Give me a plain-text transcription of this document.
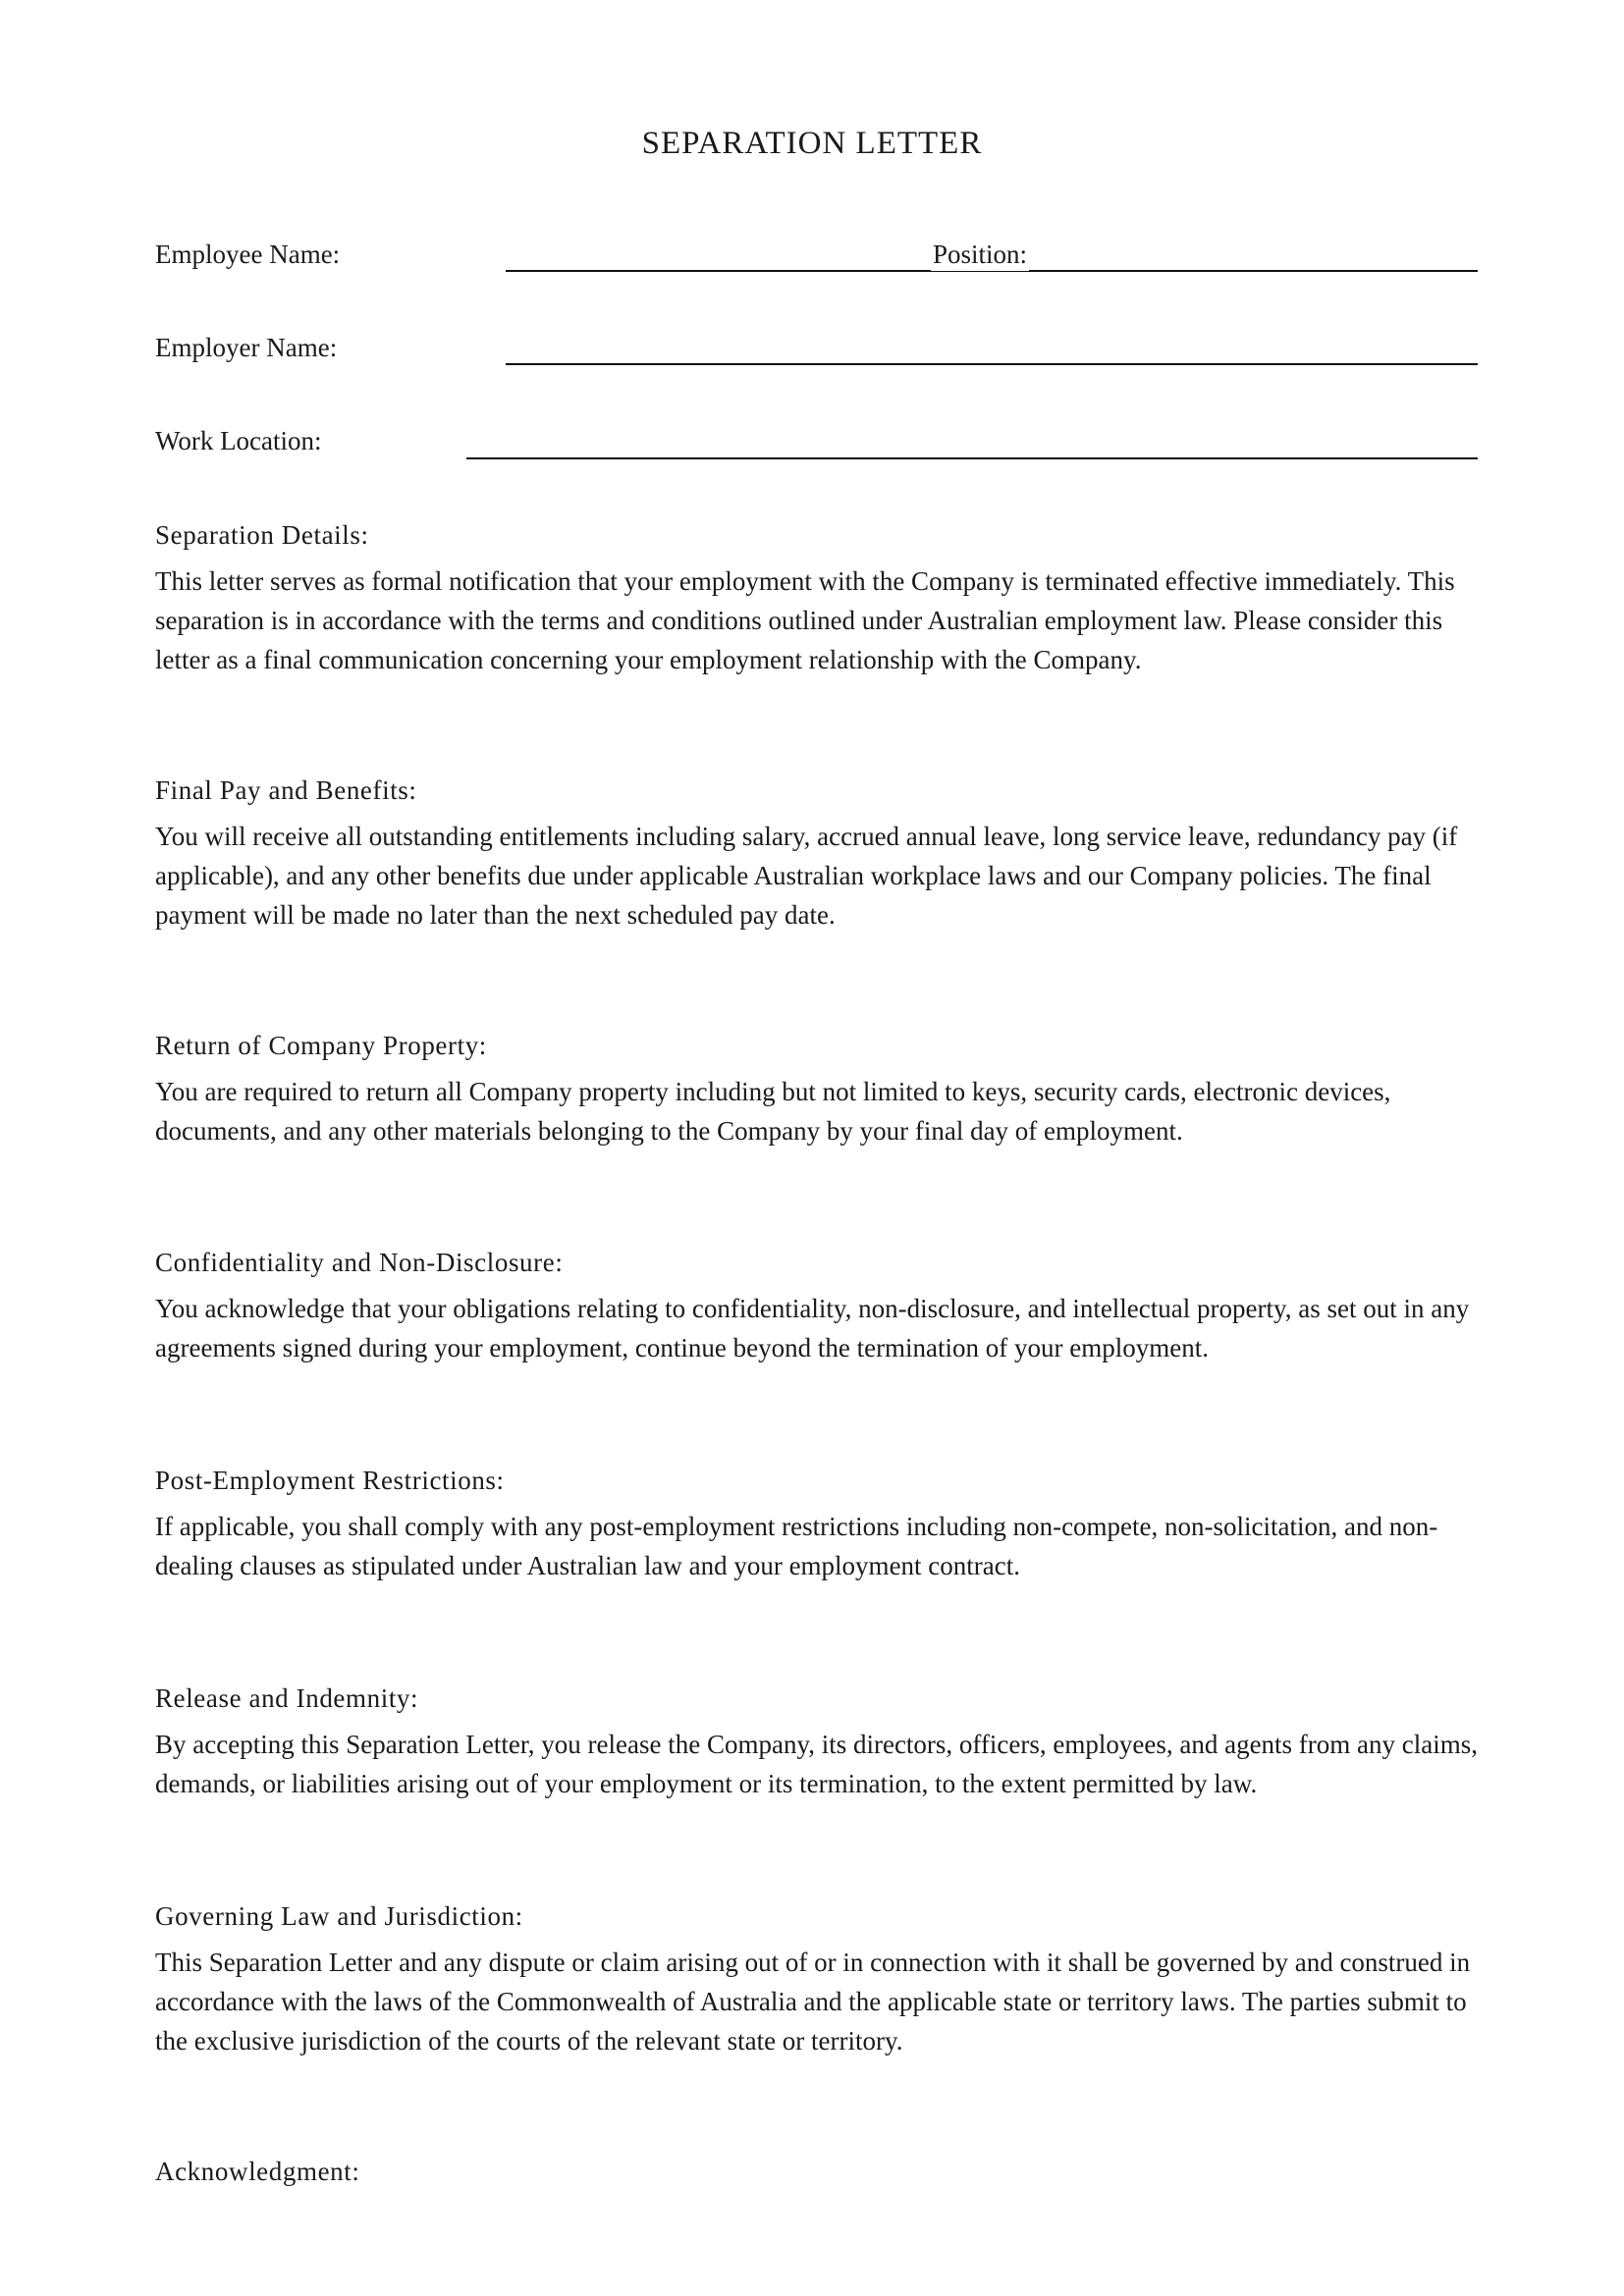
SEPARATION LETTER
Employee Name:	Position:
Employer Name:
Work Location:
Separation Details:

This letter serves as formal notification that your employment with the Company is terminated effective immediately. This separation is in accordance with the terms and conditions outlined under Australian employment law. Please consider this letter as a final communication concerning your employment relationship with the Company.

Final Pay and Benefits:

You will receive all outstanding entitlements including salary, accrued annual leave, long service leave, redundancy pay (if applicable), and any other benefits due under applicable Australian workplace laws and our Company policies. The final payment will be made no later than the next scheduled pay date.

Return of Company Property:

You are required to return all Company property including but not limited to keys, security cards, electronic devices, documents, and any other materials belonging to the Company by your final day of employment.

Confidentiality and Non-Disclosure:

You acknowledge that your obligations relating to confidentiality, non-disclosure, and intellectual property, as set out in any agreements signed during your employment, continue beyond the termination of your employment.

Post-Employment Restrictions:

If applicable, you shall comply with any post-employment restrictions including non-compete, non-solicitation, and non-dealing clauses as stipulated under Australian law and your employment contract.

Release and Indemnity:

By accepting this Separation Letter, you release the Company, its directors, officers, employees, and agents from any claims, demands, or liabilities arising out of your employment or its termination, to the extent permitted by law.

Governing Law and Jurisdiction:

This Separation Letter and any dispute or claim arising out of or in connection with it shall be governed by and construed in accordance with the laws of the Commonwealth of Australia and the applicable state or territory laws. The parties submit to the exclusive jurisdiction of the courts of the relevant state or territory.

Acknowledgment:
